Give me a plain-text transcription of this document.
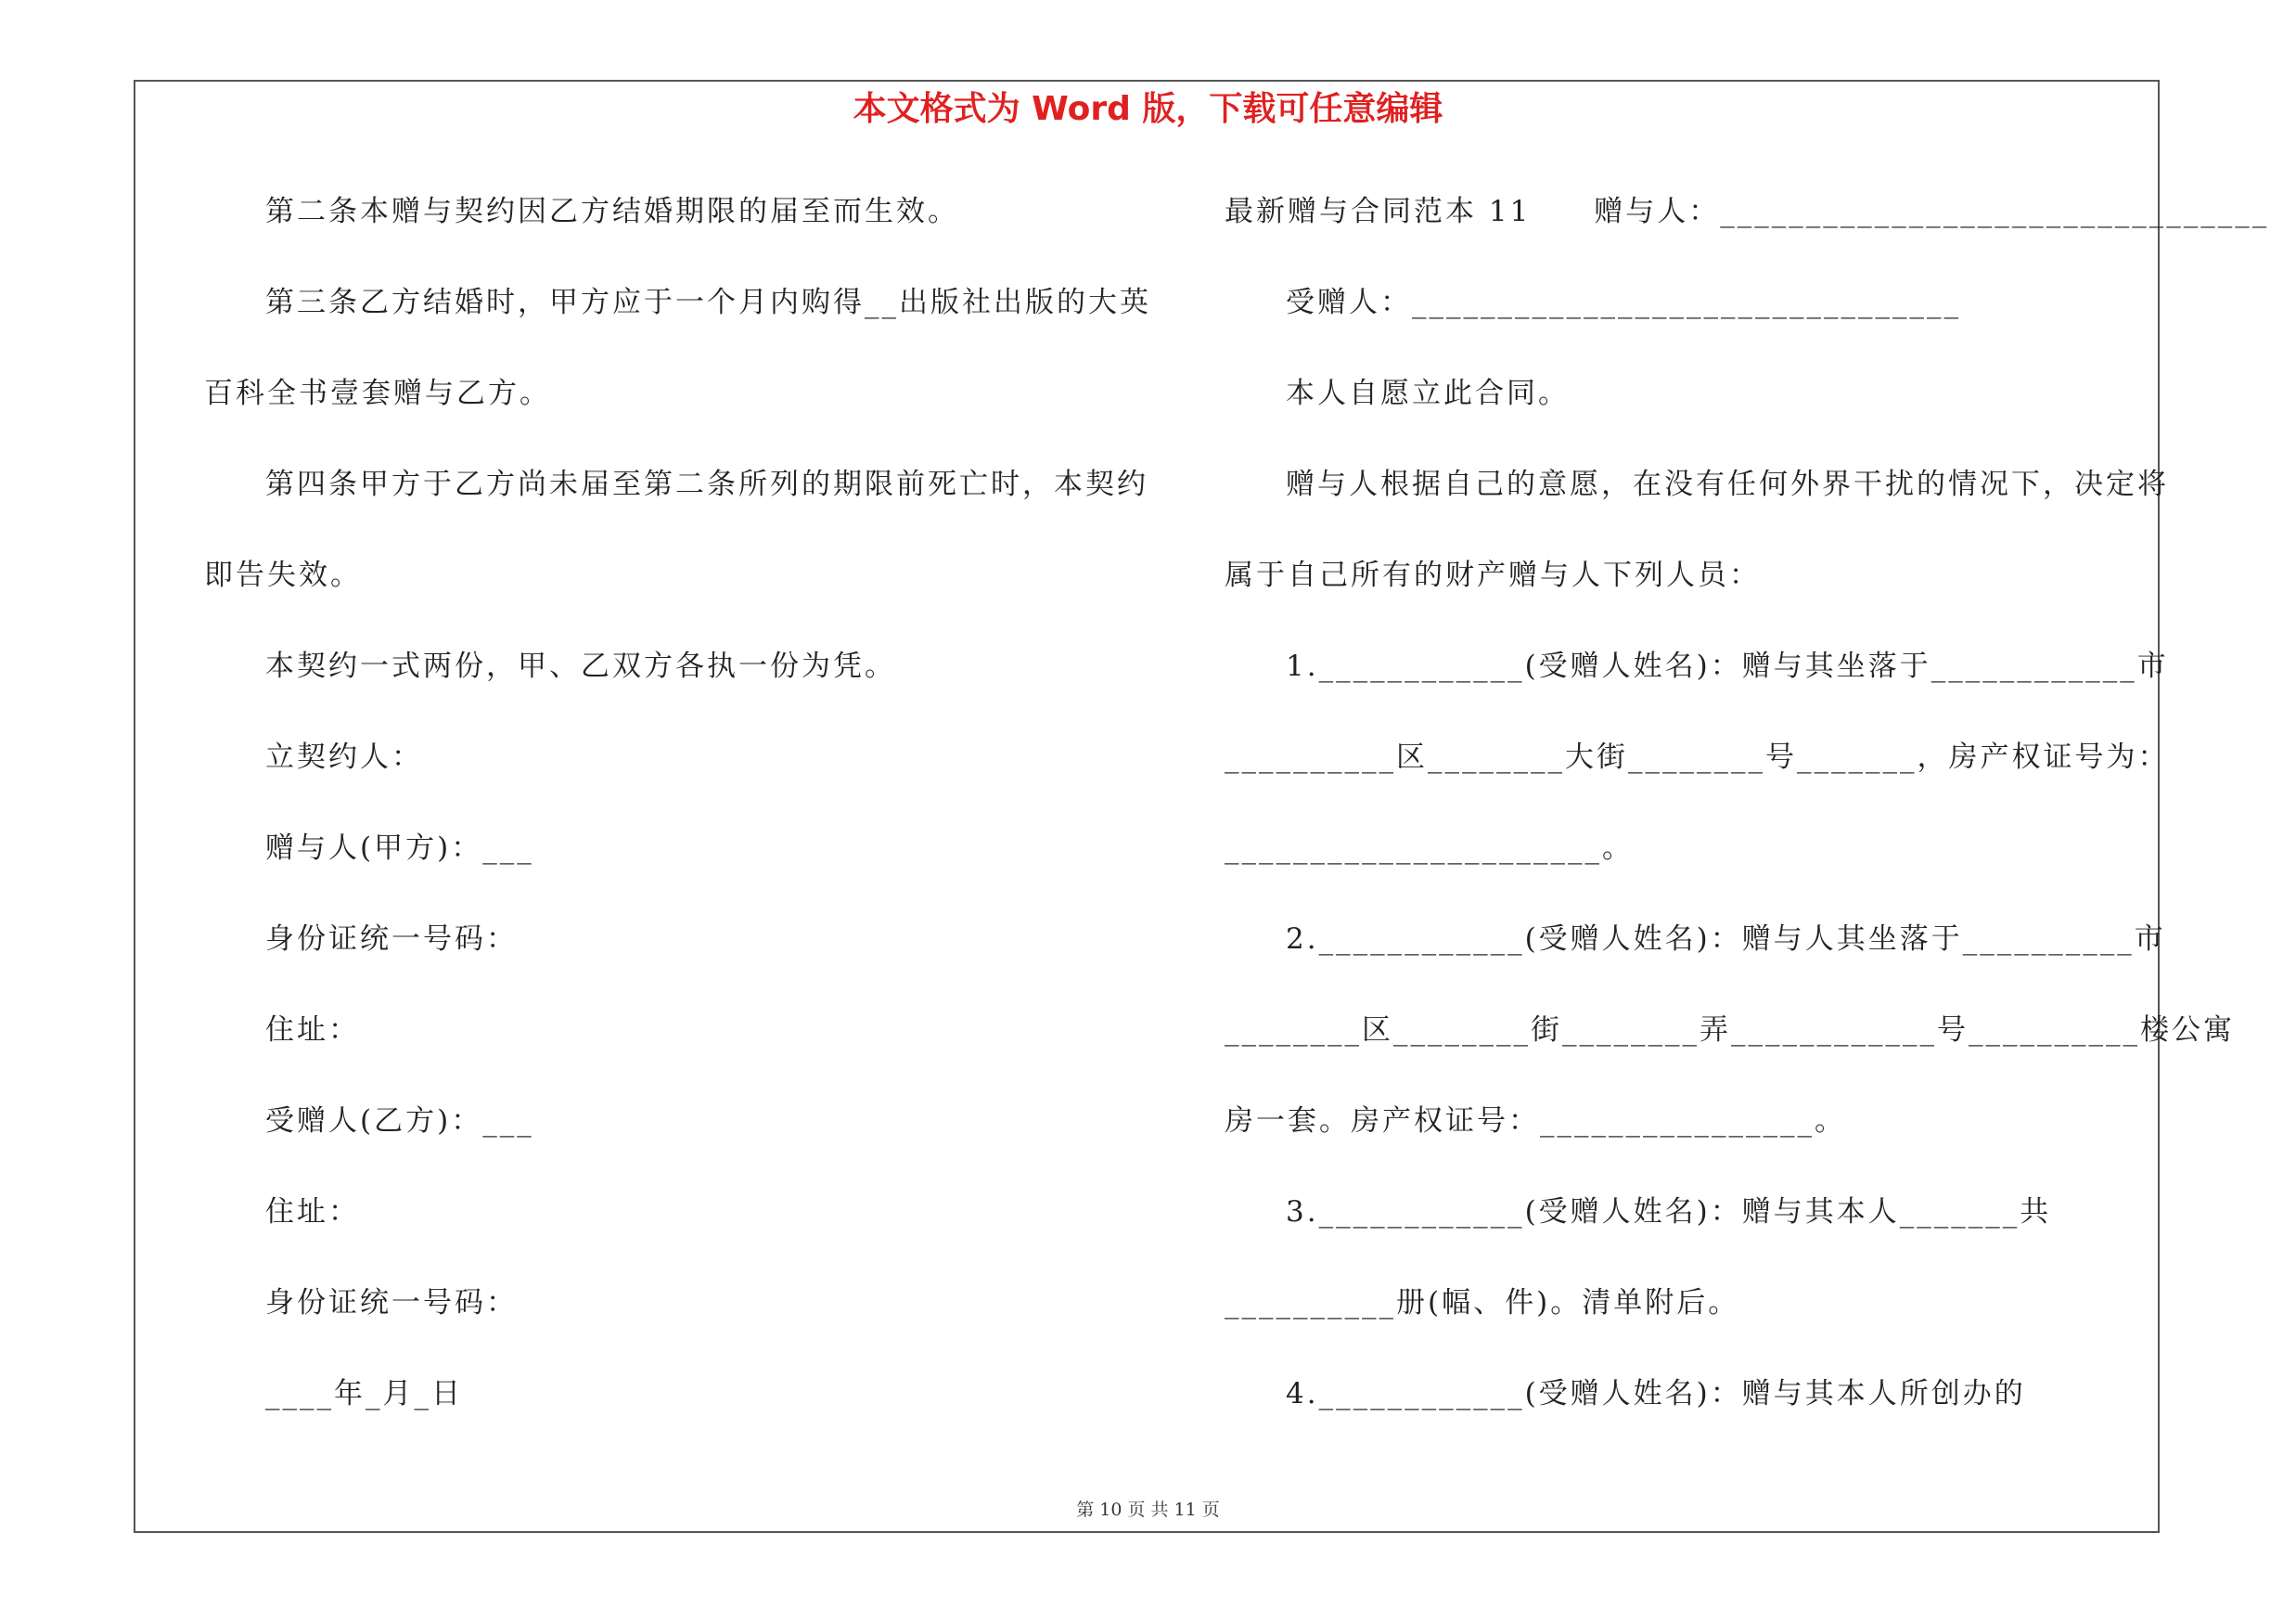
本文格式为 Word 版，下载可任意编辑
第二条本赠与契约因乙方结婚期限的届至而生效。
第三条乙方结婚时，甲方应于一个月内购得__出版社出版的大英
百科全书壹套赠与乙方。
第四条甲方于乙方尚未届至第二条所列的期限前死亡时，本契约
即告失效。
本契约一式两份，甲、乙双方各执一份为凭。
立契约人：
赠与人(甲方)：___
身份证统一号码：
住址：
受赠人(乙方)：___
住址：
身份证统一号码：
____年_月_日
最新赠与合同范本 11　　赠与人：________________________________
受赠人：________________________________
本人自愿立此合同。
赠与人根据自己的意愿，在没有任何外界干扰的情况下，决定将
属于自己所有的财产赠与人下列人员：
1.____________(受赠人姓名)：赠与其坐落于____________市
__________区________大街________号_______，房产权证号为：
______________________。
2.____________(受赠人姓名)：赠与人其坐落于__________市
________区________街________弄____________号__________楼公寓
房一套。房产权证号：________________。
3.____________(受赠人姓名)：赠与其本人_______共
__________册(幅、件)。清单附后。
4.____________(受赠人姓名)：赠与其本人所创办的
第 10 页 共 11 页
